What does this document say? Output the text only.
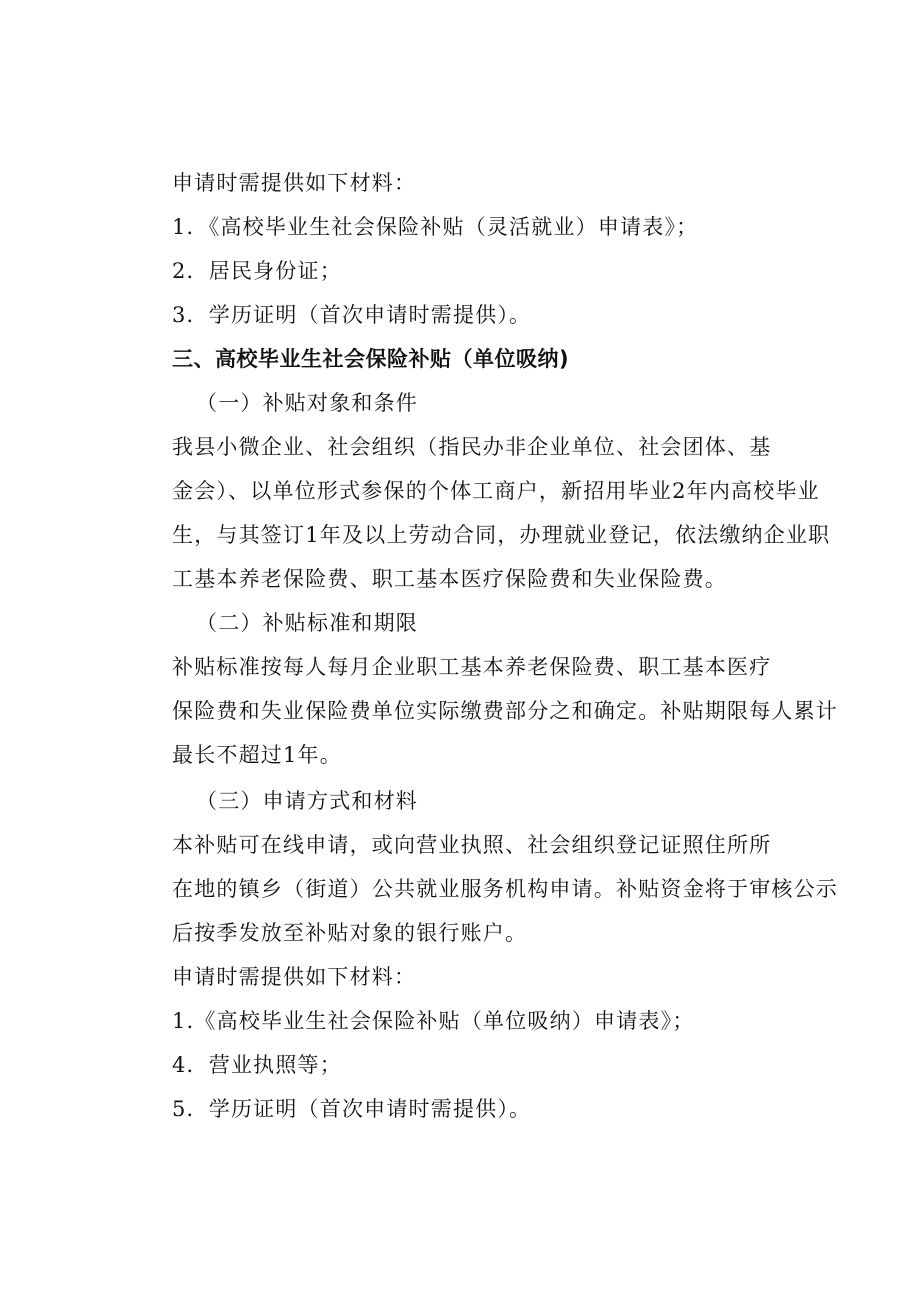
申请时需提供如下材料：

1．《高校毕业生社会保险补贴（灵活就业）申请表》；

2．居民身份证；

3．学历证明（首次申请时需提供）。

三、高校毕业生社会保险补贴（单位吸纳)

（一）补贴对象和条件

我县小微企业、社会组织（指民办非企业单位、社会团体、基

金会）、以单位形式参保的个体工商户，新招用毕业2年内高校毕业

生，与其签订1年及以上劳动合同，办理就业登记，依法缴纳企业职

工基本养老保险费、职工基本医疗保险费和失业保险费。

（二）补贴标准和期限

补贴标准按每人每月企业职工基本养老保险费、职工基本医疗

保险费和失业保险费单位实际缴费部分之和确定。补贴期限每人累计

最长不超过1年。

（三）申请方式和材料

本补贴可在线申请，或向营业执照、社会组织登记证照住所所

在地的镇乡（街道）公共就业服务机构申请。补贴资金将于审核公示

后按季发放至补贴对象的银行账户。

申请时需提供如下材料：

1.《高校毕业生社会保险补贴（单位吸纳）申请表》；

4．营业执照等；

5．学历证明（首次申请时需提供）。
